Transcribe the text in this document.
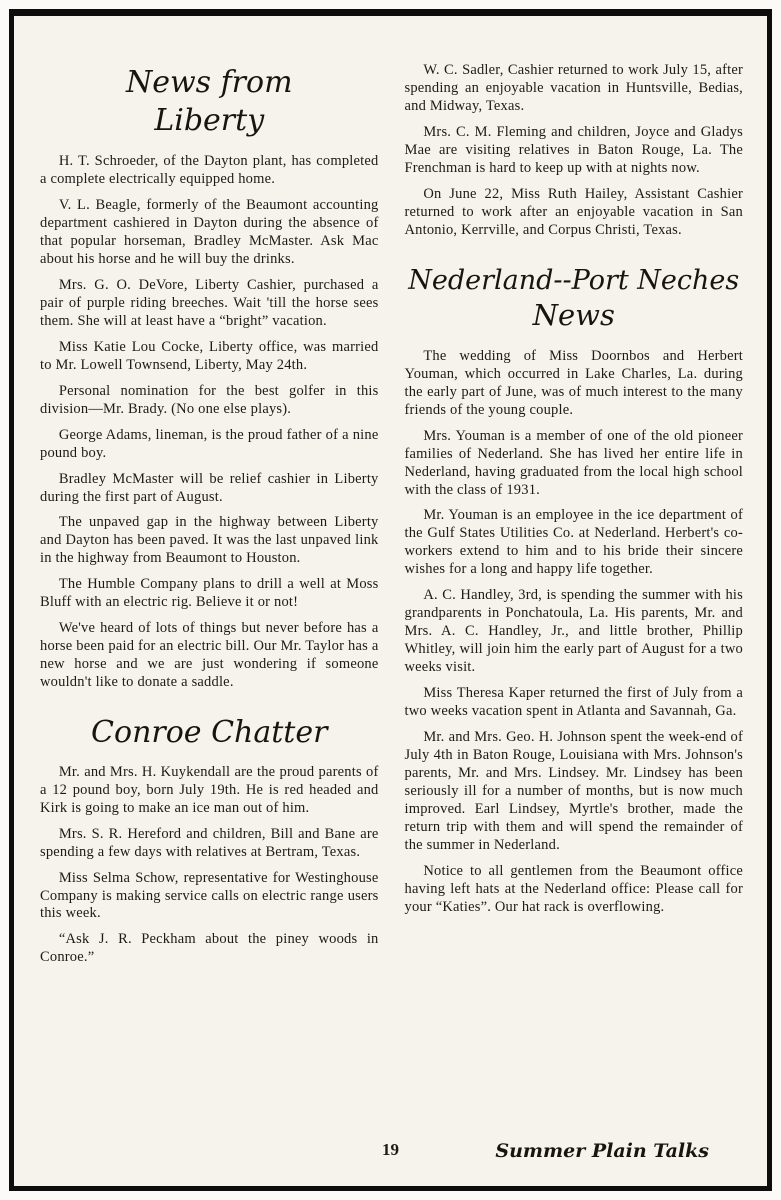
News from
Liberty

H. T. Schroeder, of the Dayton plant, has completed a complete electrically equipped home.

V. L. Beagle, formerly of the Beaumont accounting department cashiered in Dayton during the absence of that popular horseman, Bradley McMaster. Ask Mac about his horse and he will buy the drinks.

Mrs. G. O. DeVore, Liberty Cashier, purchased a pair of purple riding breeches. Wait 'till the horse sees them. She will at least have a “bright” vacation.

Miss Katie Lou Cocke, Liberty office, was married to Mr. Lowell Townsend, Liberty, May 24th.

Personal nomination for the best golfer in this division—Mr. Brady. (No one else plays).

George Adams, lineman, is the proud father of a nine pound boy.

Bradley McMaster will be relief cashier in Liberty during the first part of August.

The unpaved gap in the highway between Liberty and Dayton has been paved. It was the last unpaved link in the highway from Beaumont to Houston.

The Humble Company plans to drill a well at Moss Bluff with an electric rig. Believe it or not!

We've heard of lots of things but never before has a horse been paid for an electric bill. Our Mr. Taylor has a new horse and we are just wondering if someone wouldn't like to donate a saddle.

Conroe Chatter

Mr. and Mrs. H. Kuykendall are the proud parents of a 12 pound boy, born July 19th. He is red headed and Kirk is going to make an ice man out of him.

Mrs. S. R. Hereford and children, Bill and Bane are spending a few days with relatives at Bertram, Texas.

Miss Selma Schow, representative for Westinghouse Company is making service calls on electric range users this week.

“Ask J. R. Peckham about the piney woods in Conroe.”

W. C. Sadler, Cashier returned to work July 15, after spending an enjoyable vacation in Huntsville, Bedias, and Midway, Texas.

Mrs. C. M. Fleming and children, Joyce and Gladys Mae are visiting relatives in Baton Rouge, La. The Frenchman is hard to keep up with at nights now.

On June 22, Miss Ruth Hailey, Assistant Cashier returned to work after an enjoyable vacation in San Antonio, Kerrville, and Corpus Christi, Texas.

Nederland--Port Neches
News

The wedding of Miss Doornbos and Herbert Youman, which occurred in Lake Charles, La. during the early part of June, was of much interest to the many friends of the young couple.

Mrs. Youman is a member of one of the old pioneer families of Nederland. She has lived her entire life in Nederland, having graduated from the local high school with the class of 1931.

Mr. Youman is an employee in the ice department of the Gulf States Utilities Co. at Nederland. Herbert's co-workers extend to him and to his bride their sincere wishes for a long and happy life together.

A. C. Handley, 3rd, is spending the summer with his grandparents in Ponchatoula, La. His parents, Mr. and Mrs. A. C. Handley, Jr., and little brother, Phillip Whitley, will join him the early part of August for a two weeks visit.

Miss Theresa Kaper returned the first of July from a two weeks vacation spent in Atlanta and Savannah, Ga.

Mr. and Mrs. Geo. H. Johnson spent the week-end of July 4th in Baton Rouge, Louisiana with Mrs. Johnson's parents, Mr. and Mrs. Lindsey. Mr. Lindsey has been seriously ill for a number of months, but is now much improved. Earl Lindsey, Myrtle's brother, made the return trip with them and will spend the remainder of the summer in Nederland.

Notice to all gentlemen from the Beaumont office having left hats at the Nederland office: Please call for your “Katies”. Our hat rack is overflowing.

19	Summer Plain Talks
